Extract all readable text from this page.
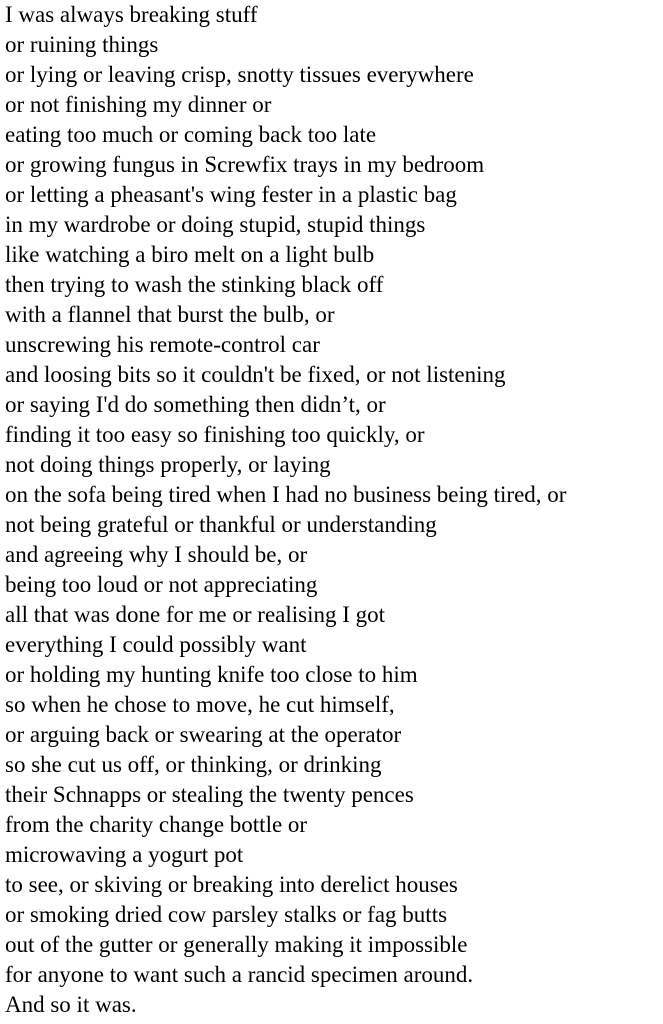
I was always breaking stuff
or ruining things
or lying or leaving crisp, snotty tissues everywhere
or not finishing my dinner or
eating too much or coming back too late
or growing fungus in Screwfix trays in my bedroom
or letting a pheasant's wing fester in a plastic bag
in my wardrobe or doing stupid, stupid things
like watching a biro melt on a light bulb
then trying to wash the stinking black off
with a flannel that burst the bulb, or
unscrewing his remote-control car
and loosing bits so it couldn't be fixed, or not listening
or saying I'd do something then didn’t, or
finding it too easy so finishing too quickly, or
not doing things properly, or laying
on the sofa being tired when I had no business being tired, or
not being grateful or thankful or understanding
and agreeing why I should be, or
being too loud or not appreciating
all that was done for me or realising I got
everything I could possibly want
or holding my hunting knife too close to him
so when he chose to move, he cut himself,
or arguing back or swearing at the operator
so she cut us off, or thinking, or drinking
their Schnapps or stealing the twenty pences
from the charity change bottle or
microwaving a yogurt pot
to see, or skiving or breaking into derelict houses
or smoking dried cow parsley stalks or fag butts
out of the gutter or generally making it impossible
for anyone to want such a rancid specimen around.
And so it was.
